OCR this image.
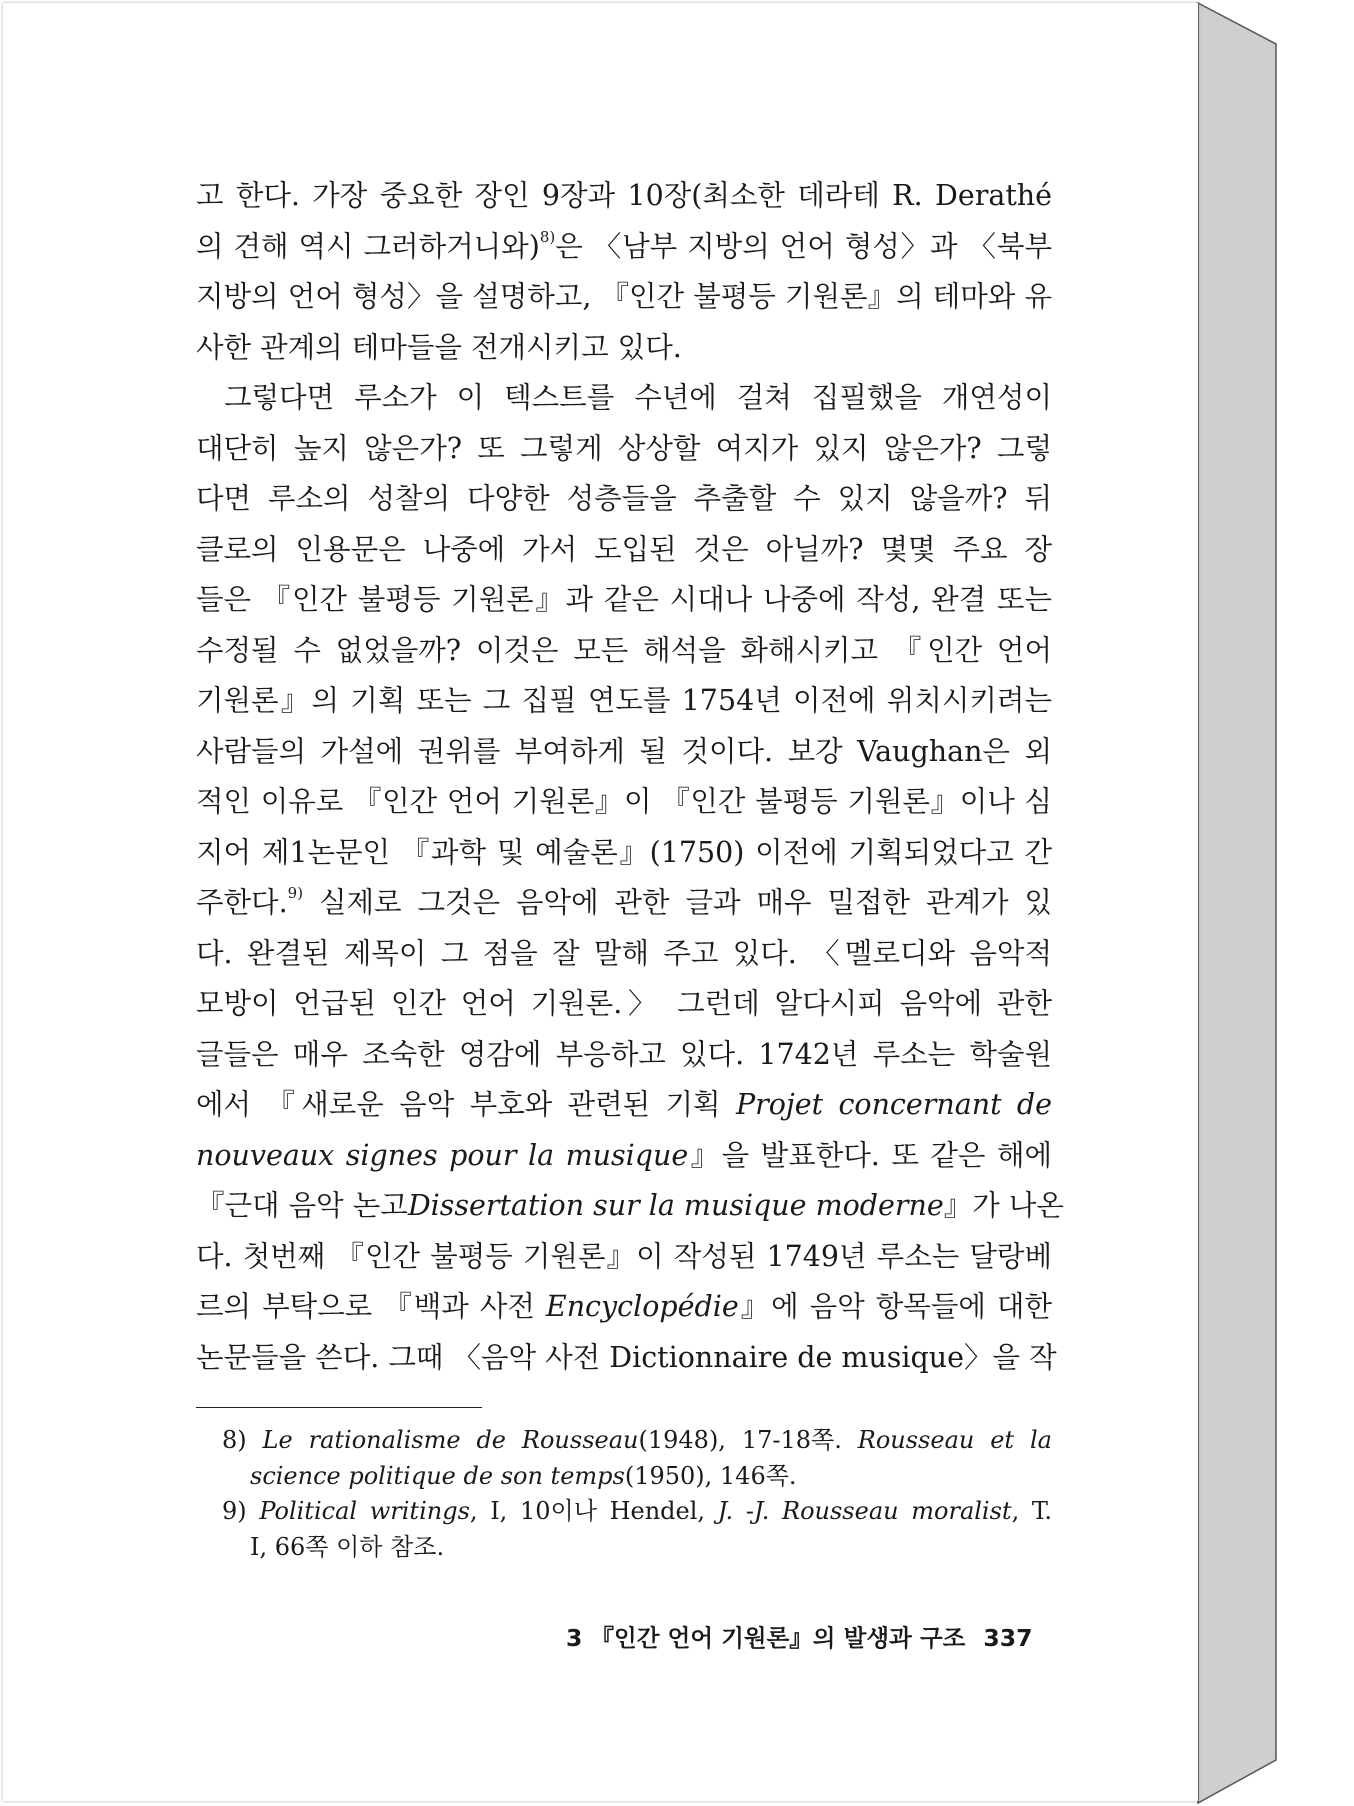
고 한다. 가장 중요한 장인 9장과 10장(최소한 데라테 R. Derathé
의 견해 역시 그러하거니와)$^{8)}$은 〈남부 지방의 언어 형성〉과 〈북부
지방의 언어 형성〉을 설명하고, 『인간 불평등 기원론』의 테마와 유
사한 관계의 테마들을 전개시키고 있다.
그렇다면 루소가 이 텍스트를 수년에 걸쳐 집필했을 개연성이
대단히 높지 않은가? 또 그렇게 상상할 여지가 있지 않은가? 그렇
다면 루소의 성찰의 다양한 성층들을 추출할 수 있지 않을까? 뒤
클로의 인용문은 나중에 가서 도입된 것은 아닐까? 몇몇 주요 장
들은 『인간 불평등 기원론』과 같은 시대나 나중에 작성, 완결 또는
수정될 수 없었을까? 이것은 모든 해석을 화해시키고 『인간 언어
기원론』의 기획 또는 그 집필 연도를 1754년 이전에 위치시키려는
사람들의 가설에 권위를 부여하게 될 것이다. 보강 Vaughan은 외
적인 이유로 『인간 언어 기원론』이 『인간 불평등 기원론』이나 심
지어 제1논문인 『과학 및 예술론』(1750) 이전에 기획되었다고 간
주한다.$^{9)}$ 실제로 그것은 음악에 관한 글과 매우 밀접한 관계가 있
다. 완결된 제목이 그 점을 잘 말해 주고 있다. 〈멜로디와 음악적
모방이 언급된 인간 언어 기원론.〉 그런데 알다시피 음악에 관한
글들은 매우 조숙한 영감에 부응하고 있다. 1742년 루소는 학술원
에서 『새로운 음악 부호와 관련된 기획 Projet concernant de
nouveaux signes pour la musique』을 발표한다. 또 같은 해에
『근대 음악 논고Dissertation sur la musique moderne』가 나온
다. 첫번째 『인간 불평등 기원론』이 작성된 1749년 루소는 달랑베
르의 부탁으로 『백과 사전 Encyclopédie』에 음악 항목들에 대한
논문들을 쓴다. 그때 〈음악 사전 Dictionnaire de musique〉을 작
8) Le rationalisme de Rousseau(1948), 17-18쪽. Rousseau et la
science politique de son temps(1950), 146쪽.
9) Political writings, I, 10이나 Hendel, J. -J. Rousseau moralist, T.
I, 66쪽 이하 참조.
3 『인간 언어 기원론』의 발생과 구조 337
